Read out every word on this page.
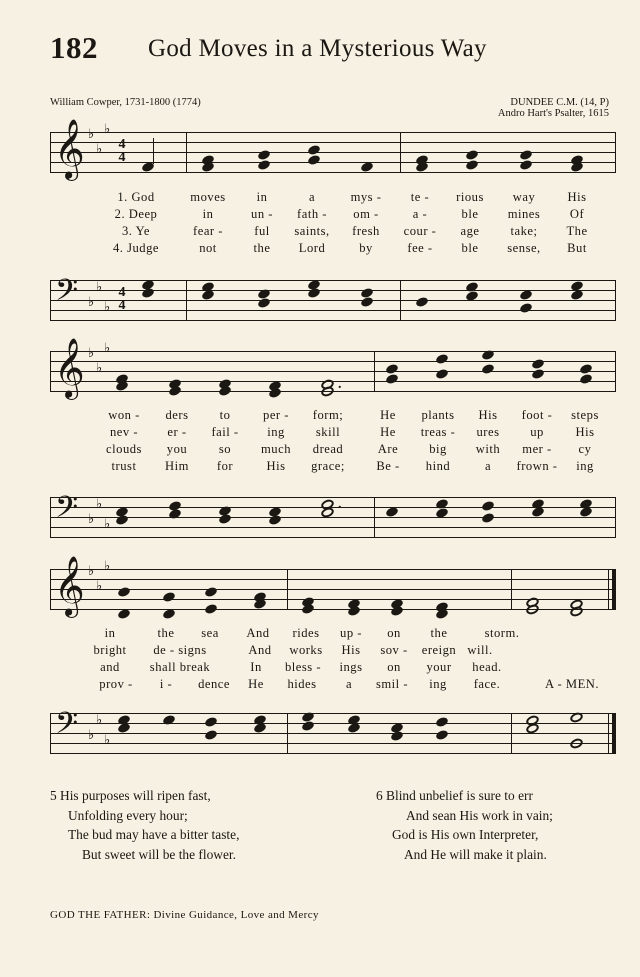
182 God Moves in a Mysterious Way
William Cowper, 1731-1800 (1774)	DUNDEE C.M. (14, P)
Andro Hart's Psalter, 1615
𝄞 ♭
♭
♭
4
4
1. God	moves in	a	mys - te - rious way	His
2. Deep	in	un - fath - om -	a -	ble mines Of
3. Ye	fear - ful saints, fresh cour - age take; The
4. Judge	not	the Lord	by	fee - ble sense, But
𝄢 ♭
♭
♭
4
4
𝄞 ♭
♭
♭
.
won - ders to	per - form;	He plants His foot - steps
nev - er - fail - ing skill	He treas - ures up	His
clouds you	so much dread	Are big with mer - cy
trust Him for	His grace; Be - hind	a frown - ing
𝄢 ♭
♭
♭
.
𝄞 ♭
♭
♭
in	the sea And rides up - on the	storm.
bright de - signs	And works His sov - ereign will.
and shall break	In bless - ings on your head.
prov - i - dence He hides a smil - ing face.	A - MEN.
𝄢 ♭
♭
♭
5 His purposes will ripen fast,
Unfolding every hour;
The bud may have a bitter taste,
But sweet will be the flower.
6 Blind unbelief is sure to err
And sean His work in vain;
God is His own Interpreter,
And He will make it plain.
GOD THE FATHER: Divine Guidance, Love and Mercy
